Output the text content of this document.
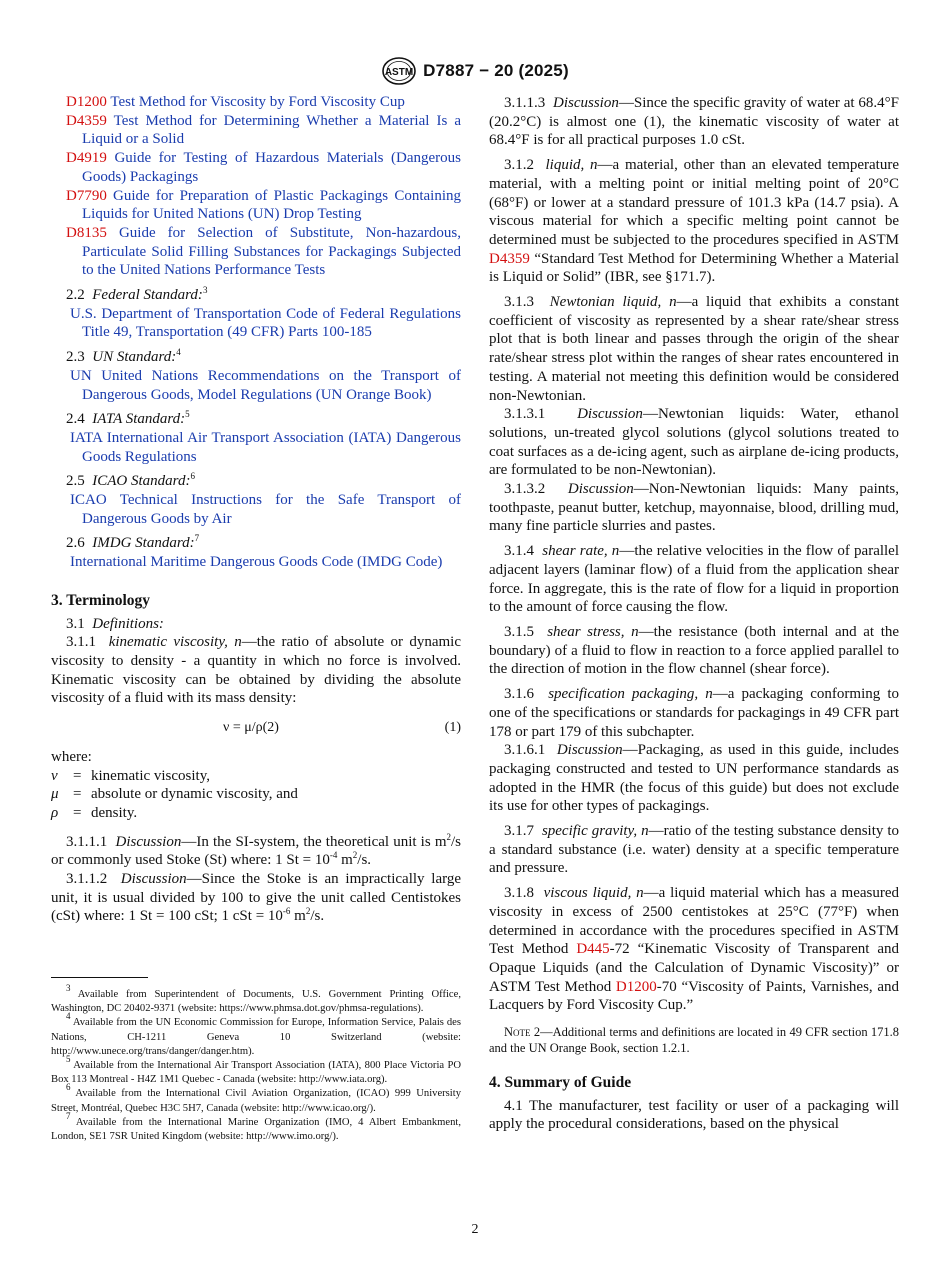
ASTM D7887 − 20 (2025)

D1200 Test Method for Viscosity by Ford Viscosity Cup

D4359 Test Method for Determining Whether a Material Is a Liquid or a Solid

D4919 Guide for Testing of Hazardous Materials (Dangerous Goods) Packagings

D7790 Guide for Preparation of Plastic Packagings Containing Liquids for United Nations (UN) Drop Testing

D8135 Guide for Selection of Substitute, Non-hazardous, Particulate Solid Filling Substances for Packagings Subjected to the United Nations Performance Tests

2.2 Federal Standard:$^3$

U.S. Department of Transportation Code of Federal Regulations Title 49, Transportation (49 CFR) Parts 100-185

2.3 UN Standard:$^4$

UN United Nations Recommendations on the Transport of Dangerous Goods, Model Regulations (UN Orange Book)

2.4 IATA Standard:$^5$

IATA International Air Transport Association (IATA) Dangerous Goods Regulations

2.5 ICAO Standard:$^6$

ICAO Technical Instructions for the Safe Transport of Dangerous Goods by Air

2.6 IMDG Standard:$^7$

International Maritime Dangerous Goods Code (IMDG Code)

3. Terminology

3.1 Definitions:

3.1.1 kinematic viscosity, n—the ratio of absolute or dynamic viscosity to density - a quantity in which no force is involved. Kinematic viscosity can be obtained by dividing the absolute viscosity of a fluid with its mass density:

ν = μ/ρ(2)	(1)

where:

ν	= kinematic viscosity,
μ = absolute or dynamic viscosity, and
ρ = density.

3.1.1.1 Discussion—In the SI-system, the theoretical unit is $m^2/s$ or commonly used Stoke (St) where: 1 $St = 10^{-4}$ $m^2/s$.

3.1.1.2 Discussion—Since the Stoke is an impractically large unit, it is usual divided by 100 to give the unit called Centistokes (cSt) where: 1 St = 100 cSt; 1 cSt = $10^{-6}$ $m^2/s$.

$^3$ Available from Superintendent of Documents, U.S. Government Printing Office, Washington, DC 20402-9371 (website: https://www.phmsa.dot.gov/phmsa-regulations).

$^4$ Available from the UN Economic Commission for Europe, Information Service, Palais des Nations, CH-1211 Geneva 10 Switzerland (website: http://www.unece.org/trans/danger/danger.htm).

$^5$ Available from the International Air Transport Association (IATA), 800 Place Victoria PO Box 113 Montreal - H4Z 1M1 Quebec - Canada (website: http://www.iata.org).

$^6$ Available from the International Civil Aviation Organization, (ICAO) 999 University Street, Montréal, Quebec H3C 5H7, Canada (website: http://www.icao.org/).

$^7$ Available from the International Marine Organization (IMO, 4 Albert Embankment, London, SE1 7SR United Kingdom (website: http://www.imo.org/).

3.1.1.3 Discussion—Since the specific gravity of water at 68.4°F (20.2°C) is almost one (1), the kinematic viscosity of water at 68.4°F is for all practical purposes 1.0 cSt.

3.1.2 liquid, n—a material, other than an elevated temperature material, with a melting point or initial melting point of 20°C (68°F) or lower at a standard pressure of 101.3 kPa (14.7 psia). A viscous material for which a specific melting point cannot be determined must be subjected to the procedures specified in ASTM D4359 “Standard Test Method for Determining Whether a Material is Liquid or Solid” (IBR, see §171.7).

3.1.3 Newtonian liquid, n—a liquid that exhibits a constant coefficient of viscosity as represented by a shear rate/shear stress plot that is both linear and passes through the origin of the shear rate/shear stress plot within the ranges of shear rates encountered in testing. A material not meeting this definition would be considered non-Newtonian.

3.1.3.1 Discussion—Newtonian liquids: Water, ethanol solutions, un-treated glycol solutions (glycol solutions treated to coat surfaces as a de-icing agent, such as airplane de-icing products, are formulated to be non-Newtonian).

3.1.3.2 Discussion—Non-Newtonian liquids: Many paints, toothpaste, peanut butter, ketchup, mayonnaise, blood, drilling mud, many fine particle slurries and pastes.

3.1.4 shear rate, n—the relative velocities in the flow of parallel adjacent layers (laminar flow) of a fluid from the application shear force. In aggregate, this is the rate of flow for a liquid in proportion to the amount of force causing the flow.

3.1.5 shear stress, n—the resistance (both internal and at the boundary) of a fluid to flow in reaction to a force applied parallel to the direction of motion in the flow channel (shear force).

3.1.6 specification packaging, n—a packaging conforming to one of the specifications or standards for packagings in 49 CFR part 178 or part 179 of this subchapter.

3.1.6.1 Discussion—Packaging, as used in this guide, includes packaging constructed and tested to UN performance standards as adopted in the HMR (the focus of this guide) but does not exclude its use for other types of packagings.

3.1.7 specific gravity, n—ratio of the testing substance density to a standard substance (i.e. water) density at a specific temperature and pressure.

3.1.8 viscous liquid, n—a liquid material which has a measured viscosity in excess of 2500 centistokes at 25°C (77°F) when determined in accordance with the procedures specified in ASTM Test Method D445-72 “Kinematic Viscosity of Transparent and Opaque Liquids (and the Calculation of Dynamic Viscosity)” or ASTM Test Method D1200-70 “Viscosity of Paints, Varnishes, and Lacquers by Ford Viscosity Cup.”

Note 2—Additional terms and definitions are located in 49 CFR section 171.8 and the UN Orange Book, section 1.2.1.

4. Summary of Guide

4.1 The manufacturer, test facility or user of a packaging will apply the procedural considerations, based on the physical

2
